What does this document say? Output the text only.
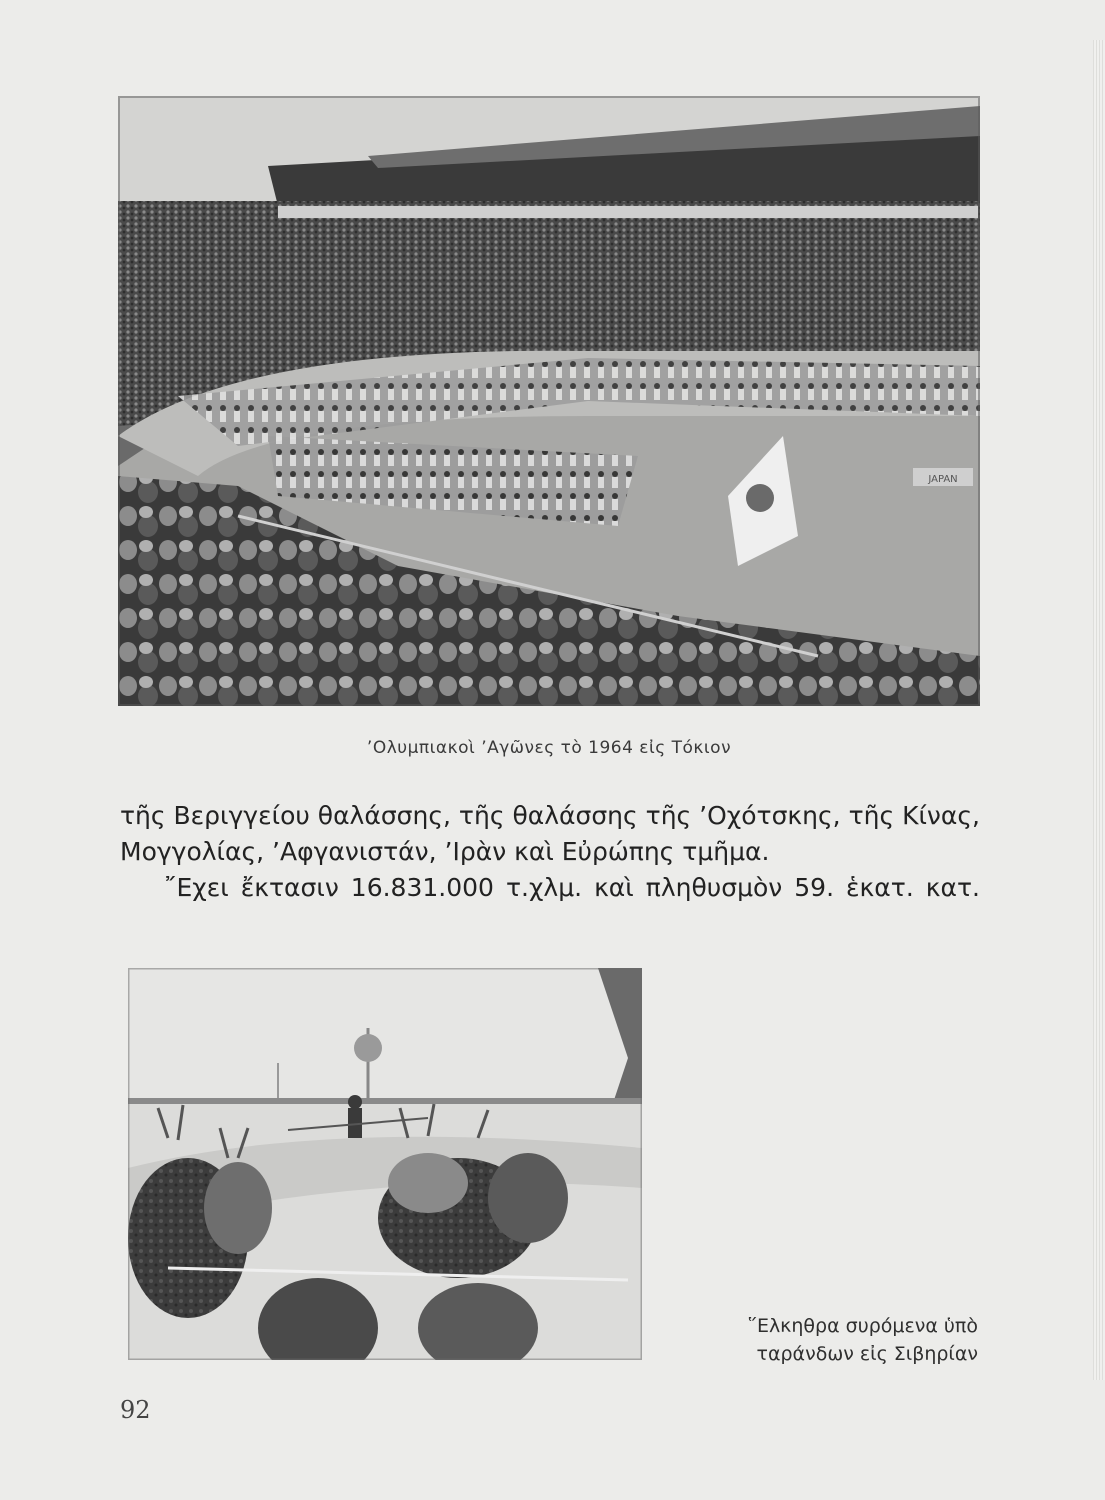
JAPAN
’Ολυμπιακοὶ ’Αγῶνες τὸ 1964 εἰς Τόκιον

τῆς Βεριγγείου θαλάσσης, τῆς θαλάσσης τῆς ’Οχότσκης, τῆς Κίνας,

Μογγολίας, ’Αφγανιστάν, ’Ιρὰν καὶ Εὐρώπης τμῆμα.

῎Εχει ἔκτασιν 16.831.000 τ.χλμ. καὶ πληθυσμὸν 59. ἑκατ. κατ.

῞Ελκηθρα συρόμενα ὑπὸ
ταράνδων εἰς Σιβηρίαν
92
